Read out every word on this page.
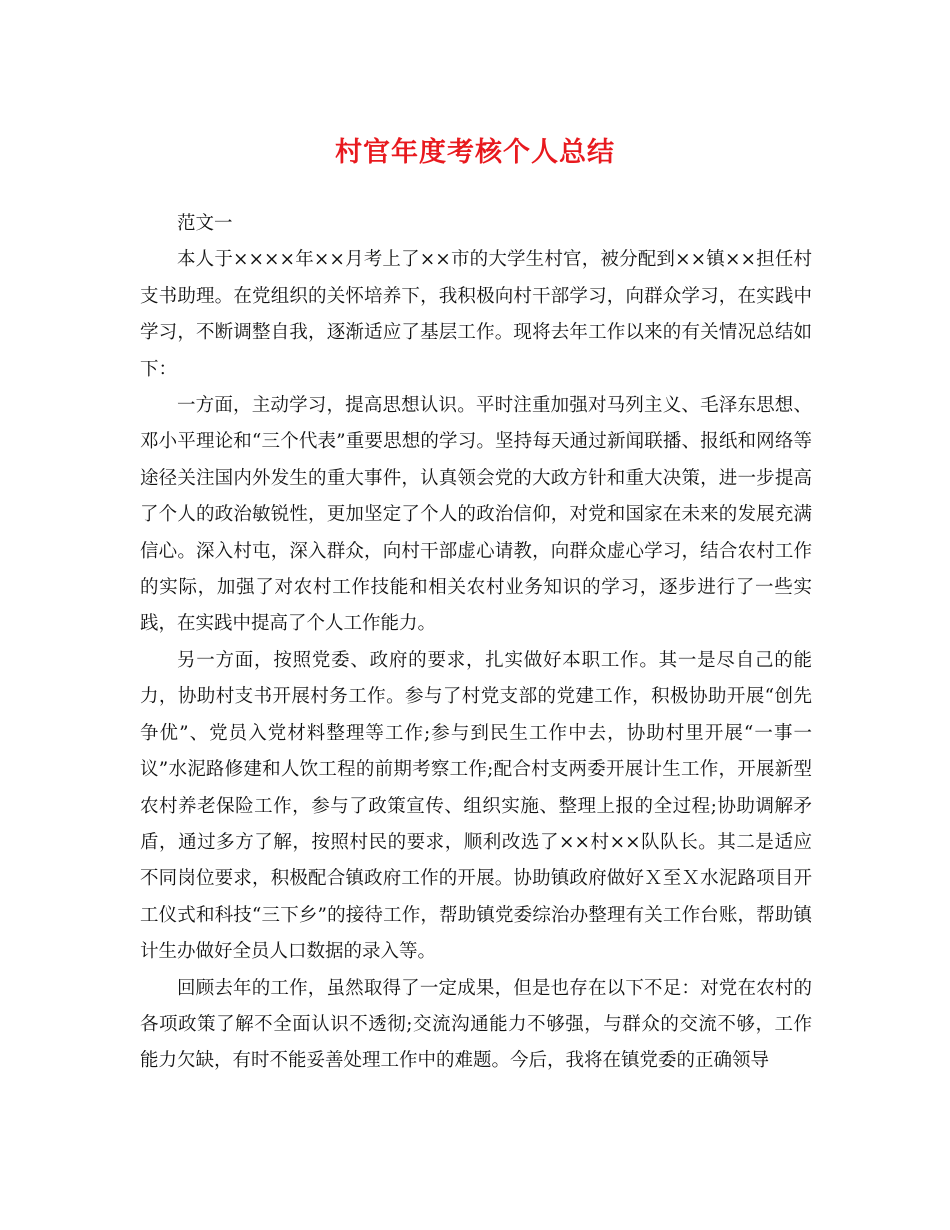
村官年度考核个人总结

范文一

本人于××××年××月考上了××市的大学生村官，被分配到××镇××担任村支书助理。在党组织的关怀培养下，我积极向村干部学习，向群众学习，在实践中学习，不断调整自我，逐渐适应了基层工作。现将去年工作以来的有关情况总结如下：

一方面，主动学习，提高思想认识。平时注重加强对马列主义、毛泽东思想、邓小平理论和“三个代表”重要思想的学习。坚持每天通过新闻联播、报纸和网络等途径关注国内外发生的重大事件，认真领会党的大政方针和重大决策，进一步提高了个人的政治敏锐性，更加坚定了个人的政治信仰，对党和国家在未来的发展充满信心。深入村屯，深入群众，向村干部虚心请教，向群众虚心学习，结合农村工作的实际，加强了对农村工作技能和相关农村业务知识的学习，逐步进行了一些实践，在实践中提高了个人工作能力。

另一方面，按照党委、政府的要求，扎实做好本职工作。其一是尽自己的能力，协助村支书开展村务工作。参与了村党支部的党建工作，积极协助开展“创先争优”、党员入党材料整理等工作;参与到民生工作中去，协助村里开展“一事一议”水泥路修建和人饮工程的前期考察工作;配合村支两委开展计生工作，开展新型农村养老保险工作，参与了政策宣传、组织实施、整理上报的全过程;协助调解矛盾，通过多方了解，按照村民的要求，顺利改选了××村××队队长。其二是适应不同岗位要求，积极配合镇政府工作的开展。协助镇政府做好Ｘ至Ｘ水泥路项目开工仪式和科技“三下乡”的接待工作，帮助镇党委综治办整理有关工作台账，帮助镇计生办做好全员人口数据的录入等。

回顾去年的工作，虽然取得了一定成果，但是也存在以下不足：对党在农村的各项政策了解不全面认识不透彻;交流沟通能力不够强，与群众的交流不够，工作能力欠缺，有时不能妥善处理工作中的难题。今后，我将在镇党委的正确领导
